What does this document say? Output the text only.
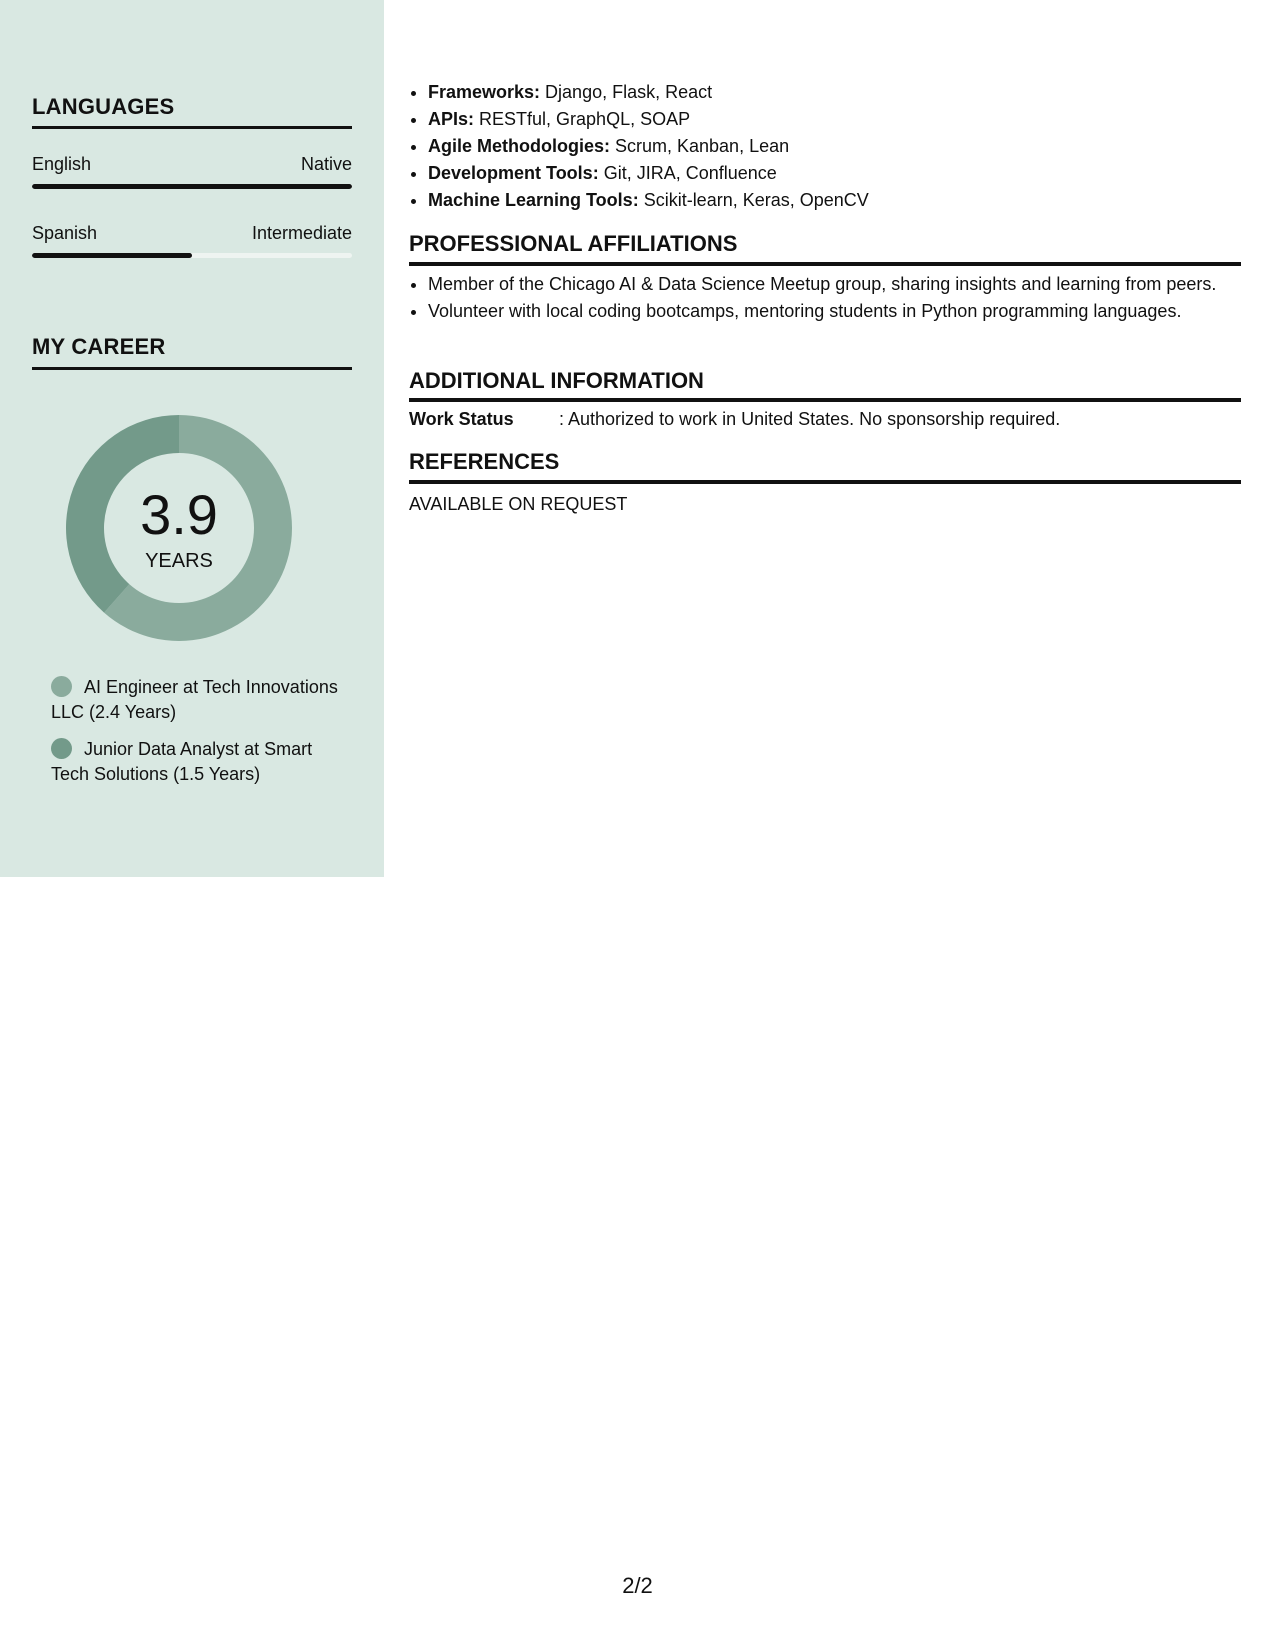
LANGUAGES
English	Native
Spanish	Intermediate
MY CAREER
3.9
YEARS
AI Engineer at Tech Innovations LLC (2.4 Years)
Junior Data Analyst at Smart Tech Solutions (1.5 Years)
• Frameworks: Django, Flask, React
• APIs: RESTful, GraphQL, SOAP
• Agile Methodologies: Scrum, Kanban, Lean
• Development Tools: Git, JIRA, Confluence
• Machine Learning Tools: Scikit-learn, Keras, OpenCV
PROFESSIONAL AFFILIATIONS
• Member of the Chicago AI & Data Science Meetup group, sharing insights and learning from peers.
• Volunteer with local coding bootcamps, mentoring students in Python programming languages.
ADDITIONAL INFORMATION
Work Status	: Authorized to work in United States. No sponsorship required.
REFERENCES
AVAILABLE ON REQUEST
2/2
